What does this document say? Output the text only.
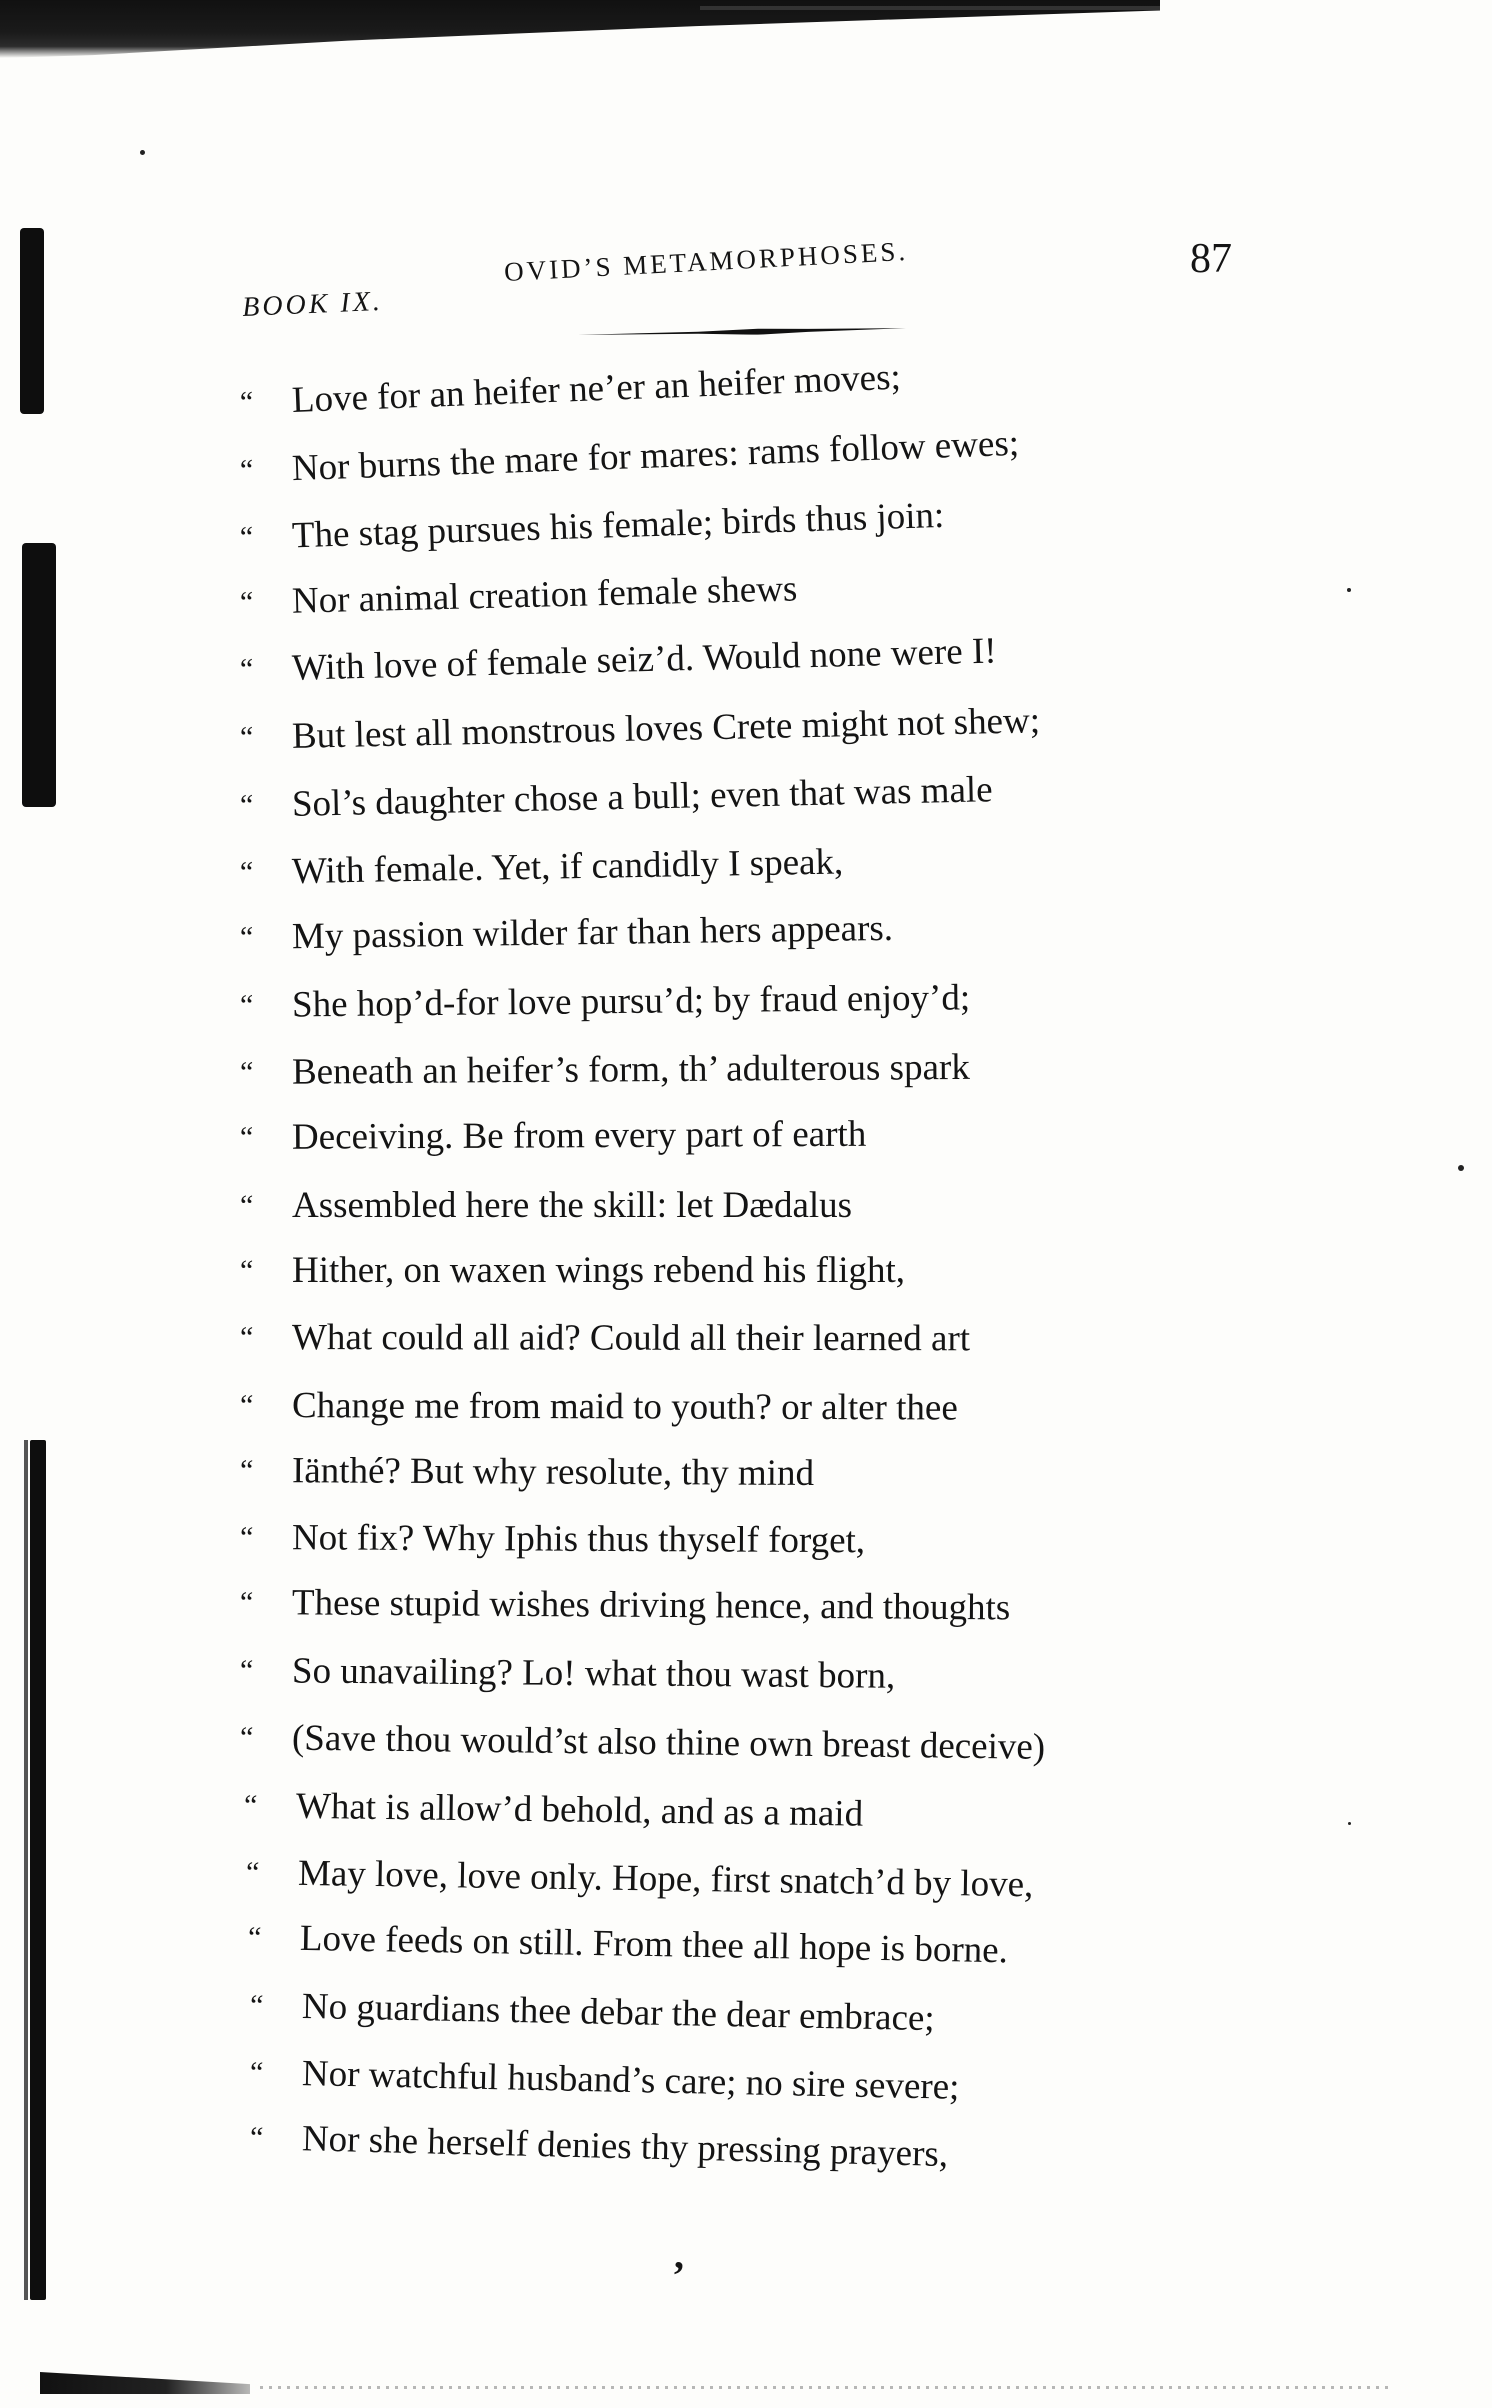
BOOK IX.
OVID’S METAMORPHOSES.	87
“ Love for an heifer ne’er an heifer moves;
“ Nor burns the mare for mares: rams follow ewes;
“ The stag pursues his female; birds thus join:
“ Nor animal creation female shews
“ With love of female seiz’d. Would none were I!
“ But lest all monstrous loves Crete might not shew;
“ Sol’s daughter chose a bull; even that was male
“ With female. Yet, if candidly I speak,
“ My passion wilder far than hers appears.
“ She hop’d-for love pursu’d; by fraud enjoy’d;
“ Beneath an heifer’s form, th’ adulterous spark
“ Deceiving. Be from every part of earth
“ Assembled here the skill: let Dædalus
“ Hither, on waxen wings rebend his flight,
“ What could all aid? Could all their learned art
“ Change me from maid to youth? or alter thee
“ Iänthé? But why resolute, thy mind
“ Not fix? Why Iphis thus thyself forget,
“ These stupid wishes driving hence, and thoughts
“ So unavailing? Lo! what thou wast born,
“ (Save thou would’st also thine own breast deceive)
“ What is allow’d behold, and as a maid
“ May love, love only. Hope, first snatch’d by love,
“ Love feeds on still. From thee all hope is borne.
“ No guardians thee debar the dear embrace;
“ Nor watchful husband’s care; no sire severe;
“ Nor she herself denies thy pressing prayers,
ʼ
